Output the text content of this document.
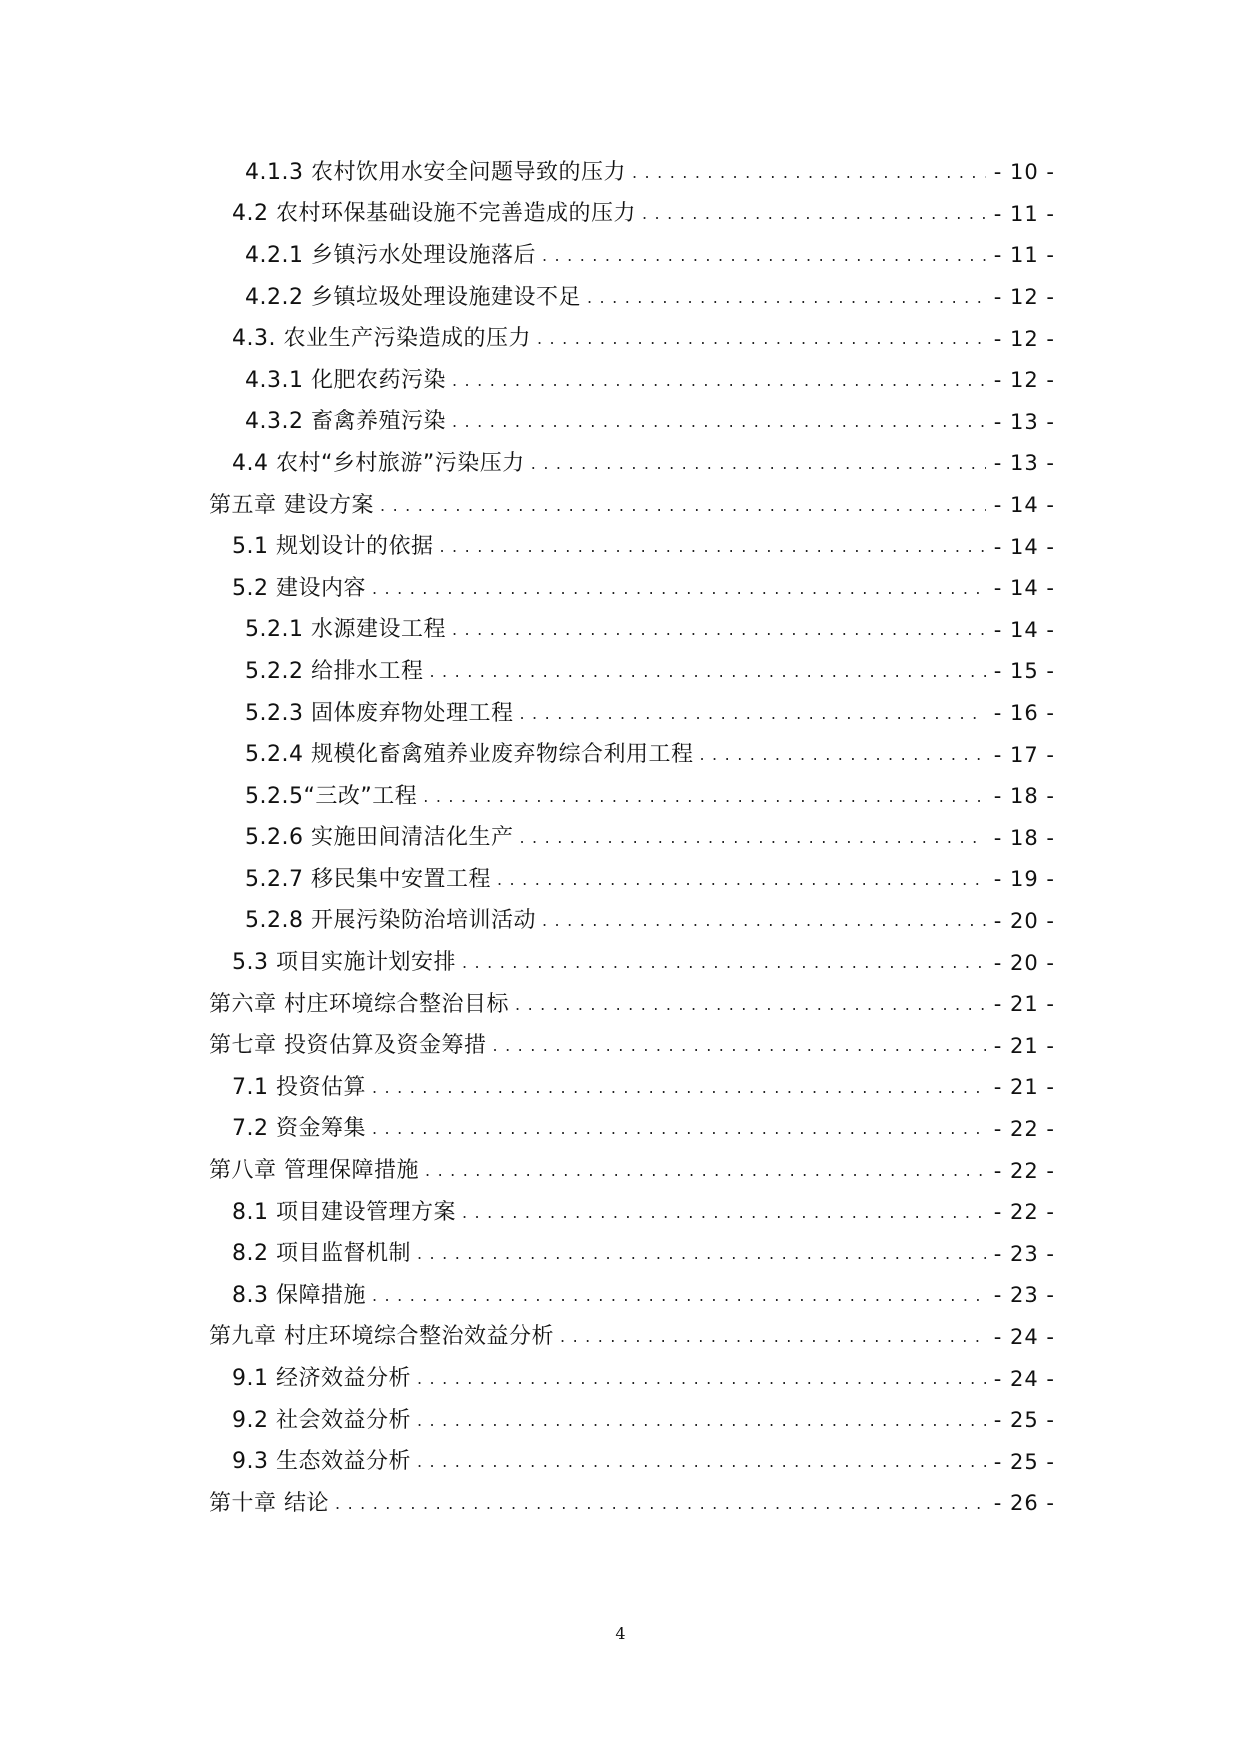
4.1.3 农村饮用水安全问题导致的压力 . . .	- 10 -
4.2 农村环保基础设施不完善造成的压力 . . .	- 11 -
4.2.1 乡镇污水处理设施落后 . . .	- 11 -
4.2.2 乡镇垃圾处理设施建设不足 . . .	- 12 -
4.3. 农业生产污染造成的压力 . . .	- 12 -
4.3.1 化肥农药污染 . . .	- 12 -
4.3.2 畜禽养殖污染 . . .	- 13 -
4.4 农村“乡村旅游”污染压力 . . .	- 13 -
第五章 建设方案 . . .	- 14 -
5.1 规划设计的依据 . . .	- 14 -
5.2 建设内容 . . .	- 14 -
5.2.1 水源建设工程 . . .	- 14 -
5.2.2 给排水工程 . . .	- 15 -
5.2.3 固体废弃物处理工程 . . .	- 16 -
5.2.4 规模化畜禽殖养业废弃物综合利用工程 . . .	- 17 -
5.2.5“三改”工程 . . .	- 18 -
5.2.6 实施田间清洁化生产 . . .	- 18 -
5.2.7 移民集中安置工程 . . .	- 19 -
5.2.8 开展污染防治培训活动 . . .	- 20 -
5.3 项目实施计划安排 . . .	- 20 -
第六章 村庄环境综合整治目标 . . .	- 21 -
第七章 投资估算及资金筹措 . . .	- 21 -
7.1 投资估算 . . .	- 21 -
7.2 资金筹集 . . .	- 22 -
第八章 管理保障措施 . . .	- 22 -
8.1 项目建设管理方案 . . .	- 22 -
8.2 项目监督机制 . . .	- 23 -
8.3 保障措施 . . .	- 23 -
第九章 村庄环境综合整治效益分析 . . .	- 24 -
9.1 经济效益分析 . . .	- 24 -
9.2 社会效益分析 . . .	- 25 -
9.3 生态效益分析 . . .	- 25 -
第十章 结论 . . .	- 26 -
4
